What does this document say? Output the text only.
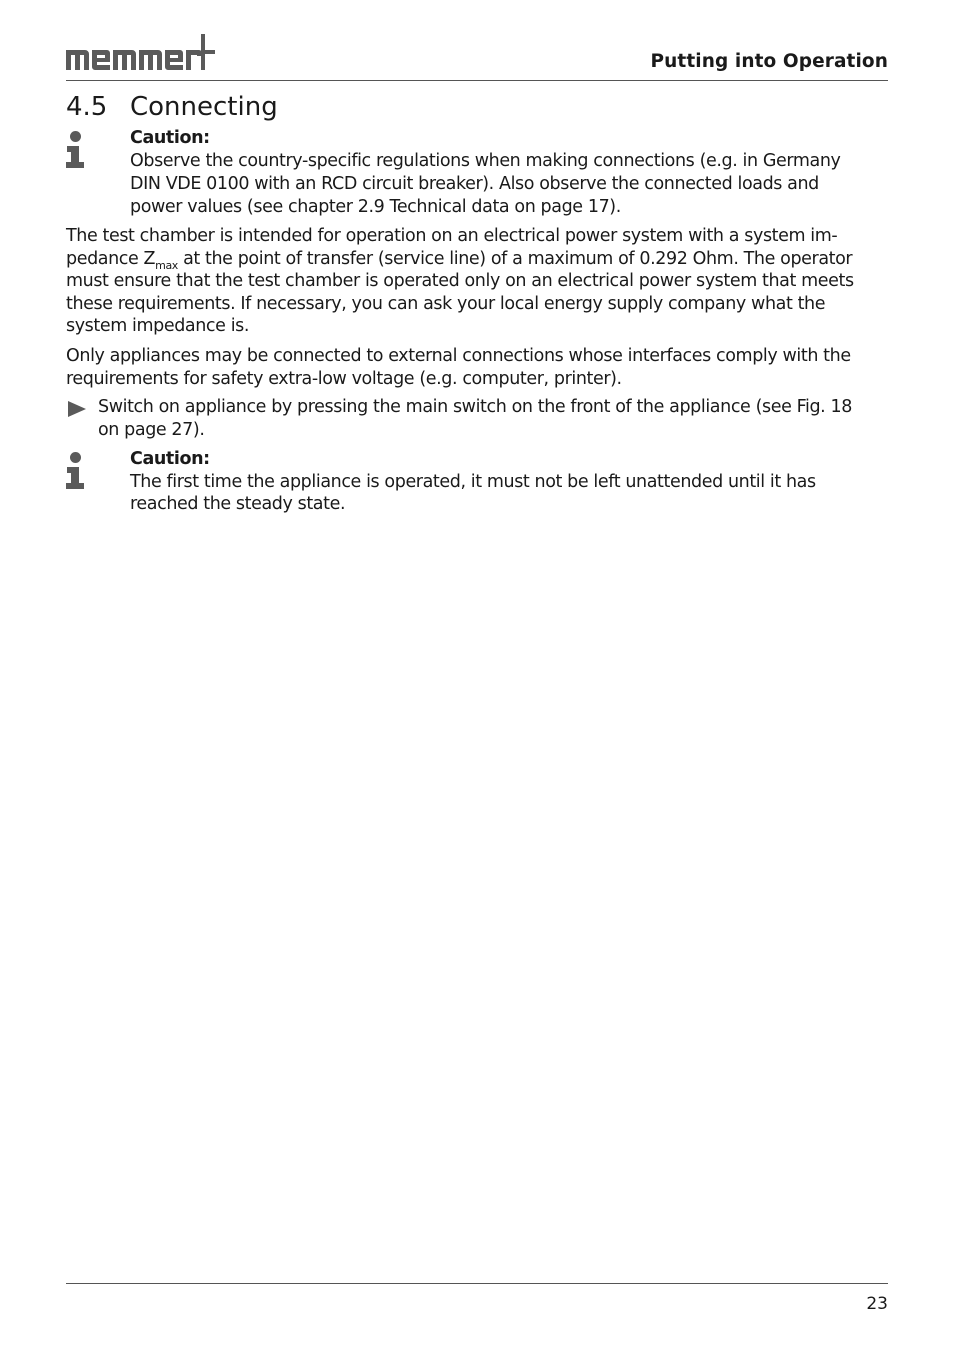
Putting into Operation
4.5 Connecting
Caution:
Observe the country-specific regulations when making connections (e.g. in Germany
DIN VDE 0100 with an RCD circuit breaker). Also observe the connected loads and
power values (see chapter 2.9 Technical data on page 17).
The test chamber is intended for operation on an electrical power system with a system im-
pedance $Z_{max}$ at the point of transfer (service line) of a maximum of 0.292 Ohm. The operator
must ensure that the test chamber is operated only on an electrical power system that meets
these requirements. If necessary, you can ask your local energy supply company what the
system impedance is.
Only appliances may be connected to external connections whose interfaces comply with the
requirements for safety extra-low voltage (e.g. computer, printer).
Switch on appliance by pressing the main switch on the front of the appliance (see Fig. 18
on page 27).
Caution:
The first time the appliance is operated, it must not be left unattended until it has
reached the steady state.
23
